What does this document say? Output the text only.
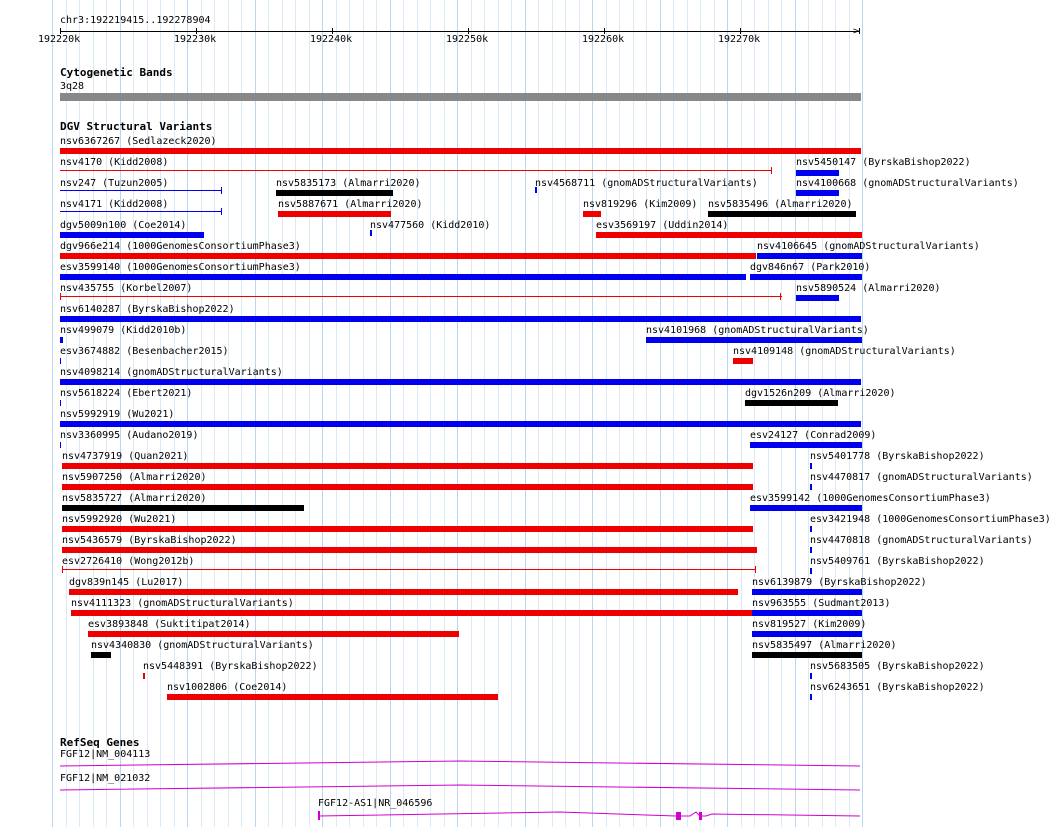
chr3:192219415..192278904
192220k	192230k	192240k	192250k	192260k	192270k
>
Cytogenetic Bands
3q28
DGV Structural Variants
nsv6367267 (Sedlazeck2020)
nsv4170 (Kidd2008)	nsv5450147 (ByrskaBishop2022)
nsv247 (Tuzun2005)	nsv5835173 (Almarri2020)	nsv4568711 (gnomADStructuralVariants)	nsv4100668 (gnomADStructuralVariants)
nsv4171 (Kidd2008)	nsv5887671 (Almarri2020)	nsv819296 (Kim2009) nsv5835496 (Almarri2020)
dgv5009n100 (Coe2014)	nsv477560 (Kidd2010)	esv3569197 (Uddin2014)
dgv966e214 (1000GenomesConsortiumPhase3)	nsv4106645 (gnomADStructuralVariants)
esv3599140 (1000GenomesConsortiumPhase3)	dgv846n67 (Park2010)
nsv435755 (Korbel2007)	nsv5890524 (Almarri2020)
nsv6140287 (ByrskaBishop2022)
nsv499079 (Kidd2010b)	nsv4101968 (gnomADStructuralVariants)
esv3674882 (Besenbacher2015)	nsv4109148 (gnomADStructuralVariants)
nsv4098214 (gnomADStructuralVariants)
nsv5618224 (Ebert2021)	dgv1526n209 (Almarri2020)
nsv5992919 (Wu2021)
nsv3360995 (Audano2019)	esv24127 (Conrad2009)
nsv4737919 (Quan2021)	nsv5401778 (ByrskaBishop2022)
nsv5907250 (Almarri2020)	nsv4470817 (gnomADStructuralVariants)
nsv5835727 (Almarri2020)	esv3599142 (1000GenomesConsortiumPhase3)
nsv5992920 (Wu2021)	esv3421948 (1000GenomesConsortiumPhase3)
nsv5436579 (ByrskaBishop2022)	nsv4470818 (gnomADStructuralVariants)
esv2726410 (Wong2012b)	nsv5409761 (ByrskaBishop2022)
dgv839n145 (Lu2017)	nsv6139879 (ByrskaBishop2022)
nsv4111323 (gnomADStructuralVariants)	nsv963555 (Sudmant2013)
esv3893848 (Suktitipat2014)	nsv819527 (Kim2009)
nsv4340830 (gnomADStructuralVariants)	nsv5835497 (Almarri2020)
nsv5448391 (ByrskaBishop2022)	nsv5683505 (ByrskaBishop2022)
nsv1002806 (Coe2014)	nsv6243651 (ByrskaBishop2022)
RefSeq Genes
FGF12|NM_004113
FGF12|NM_021032
FGF12-AS1|NR_046596
